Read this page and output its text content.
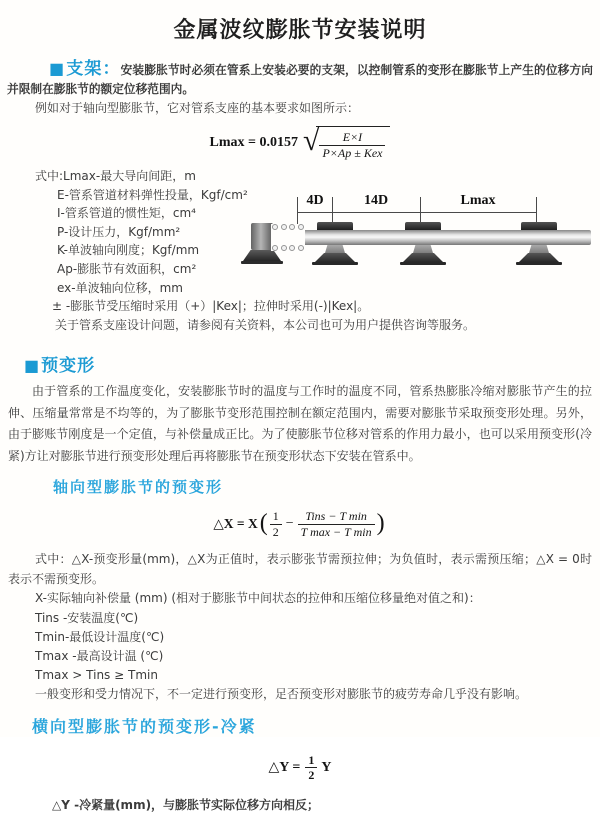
金属波纹膨胀节安装说明

■支架：安装膨胀节时必须在管系上安装必要的支架，以控制管系的变形在膨胀节上产生的位移方向并限制在膨胀节的额定位移范围内。

例如对于轴向型膨胀节，它对管系支座的基本要求如图所示：

Lmax = 0.0157 √ $\frac{E\times I}{\text{P×Ap ± Kex}}$
式中:Lmax-最大导向间距，m
E-管系管道材料弹性投量，Kgf/cm²
I-管系管道的惯性矩，cm⁴
P-设计压力，Kgf/mm²
K-单波轴向刚度；Kgf/mm
Ap-膨胀节有效面积，cm²
ex-单波轴向位移，mm
± -膨胀节受压缩时采用（+）|Kex|；拉伸时采用(-)|Kex|。
关于管系支座设计问题，请参阅有关资料，本公司也可为用户提供咨询等服务。
4D	14D	Lmax
■预变形

由于管系的工作温度变化，安装膨胀节时的温度与工作时的温度不同，管系热膨胀冷缩对膨胀节产生的拉伸、压缩量常常是不均等的，为了膨胀节变形范围控制在额定范围内，需要对膨胀节采取预变形处理。另外，由于膨账节刚度是一个定值，与补偿量成正比。为了使膨胀节位移对管系的作用力最小，也可以采用预变形(冷紧)方让对膨胀节进行预变形处理后再将膨胀节在预变形状态下安装在管系中。

轴向型膨胀节的预变形
△X = X ( $\frac{1}{2} - \frac{\text{Tins − T min}}{\text{T max − T min}}$ )

式中：△X-预变形量(mm)，△X为正值时，表示膨张节需预拉伸；为负值时，表示需预压缩；△X = 0时表示不需预变形。

X-实际轴向补偿量 (mm) (相对于膨胀节中间状态的拉伸和压缩位移量绝对值之和)：
Tins -安装温度(℃)
Tmin-最低设计温度(℃)
Tmax -最高设计温 (℃)
Tmax > Tins ≥ Tmin
一般变形和受力情况下，不一定进行预变形，足否预变形对膨胀节的疲劳寿命几乎没有影响。
横向型膨胀节的预变形-冷紧
△Y = $\frac{1}{2}$ Y

△Y -冷紧量(mm)，与膨胀节实际位移方向相反；
